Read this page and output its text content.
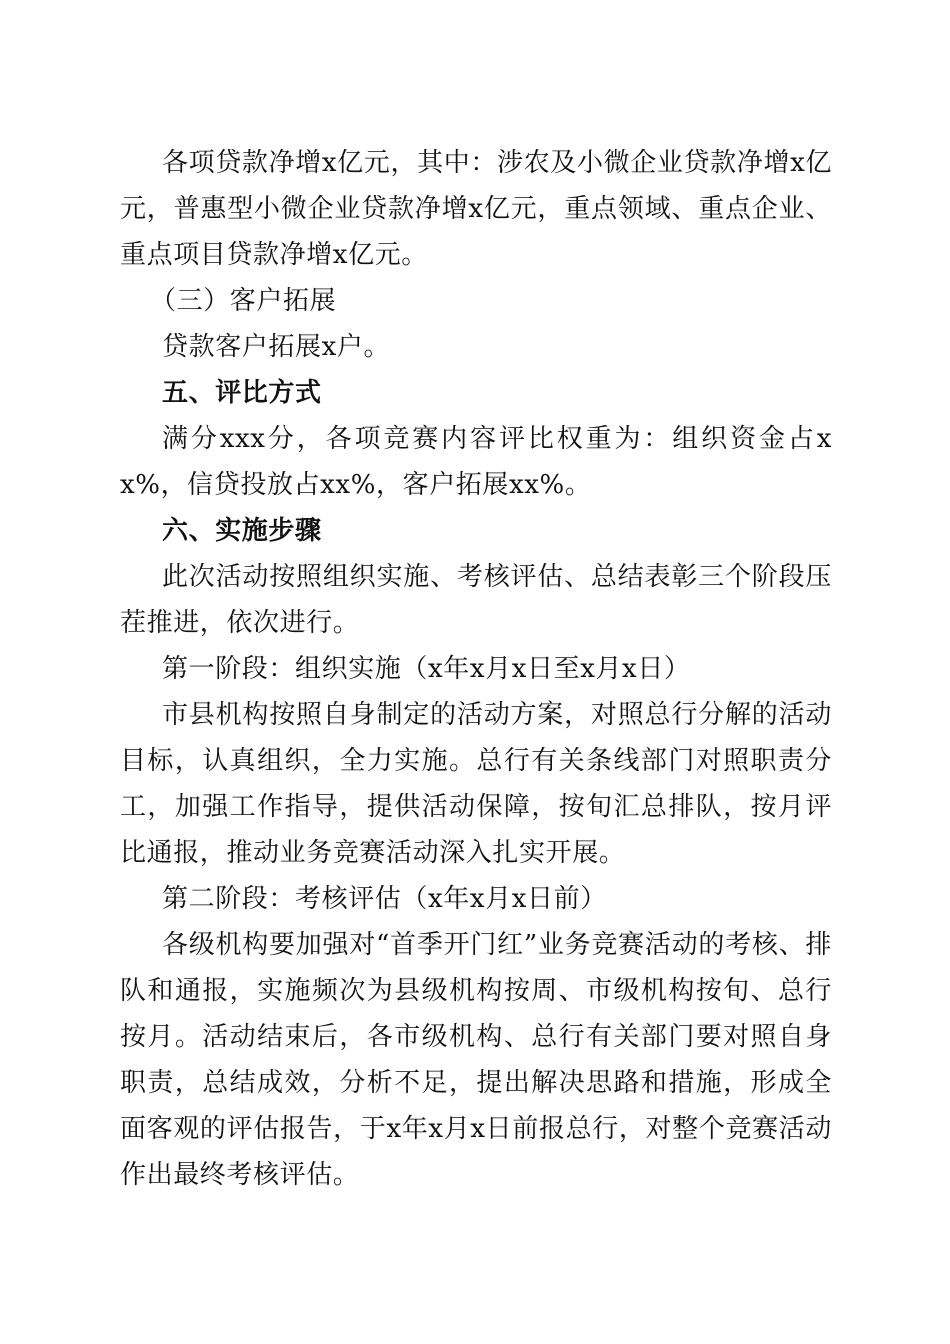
各项贷款净增x亿元，其中：涉农及小微企业贷款净增x亿元，普惠型小微企业贷款净增x亿元，重点领域、重点企业、重点项目贷款净增x亿元。

（三）客户拓展

贷款客户拓展x户。

五、评比方式

满分xxx分，各项竞赛内容评比权重为：组织资金占xx%，信贷投放占xx%，客户拓展xx%。

六、实施步骤

此次活动按照组织实施、考核评估、总结表彰三个阶段压茬推进，依次进行。

第一阶段：组织实施（x年x月x日至x月x日）

市县机构按照自身制定的活动方案，对照总行分解的活动目标，认真组织，全力实施。总行有关条线部门对照职责分工，加强工作指导，提供活动保障，按旬汇总排队，按月评比通报，推动业务竞赛活动深入扎实开展。

第二阶段：考核评估（x年x月x日前）

各级机构要加强对“首季开门红”业务竞赛活动的考核、排队和通报，实施频次为县级机构按周、市级机构按旬、总行按月。活动结束后，各市级机构、总行有关部门要对照自身职责，总结成效，分析不足，提出解决思路和措施，形成全面客观的评估报告，于x年x月x日前报总行，对整个竞赛活动作出最终考核评估。
